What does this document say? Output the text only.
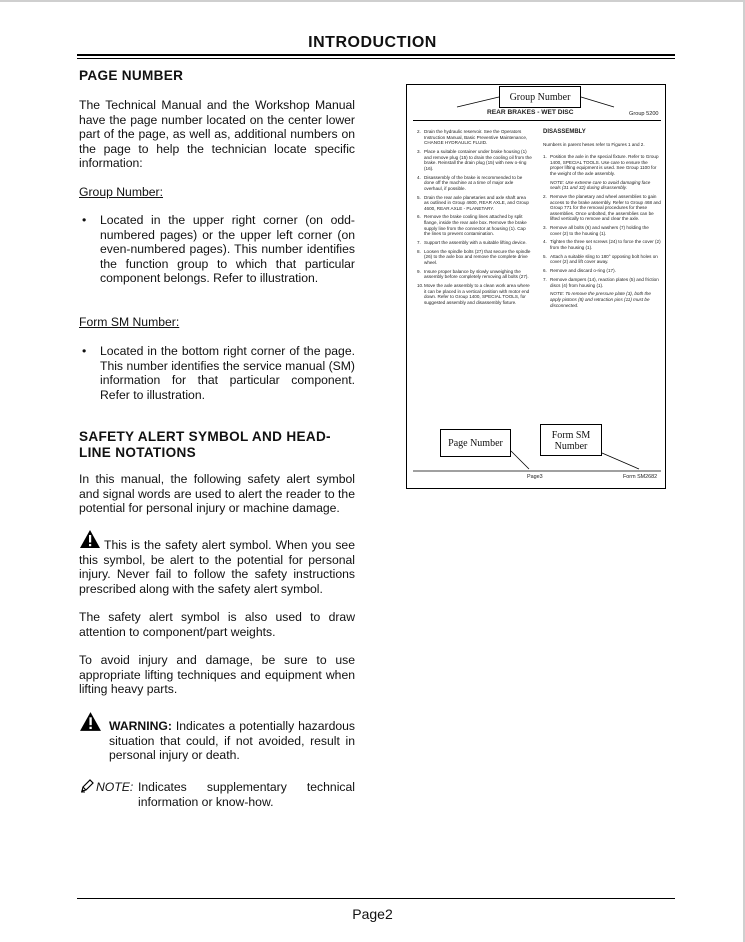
INTRODUCTION
PAGE NUMBER
The Technical Manual and the Workshop Manual have the page number located on the center lower part of the page, as well as, additional numbers on the page to help the technician locate specific information:
Group Number:
• Located in the upper right corner (on odd-numbered pages) or the upper left corner (on even-numbered pages). This number identifies the function group to which that particular component belongs. Refer to illustration.
Form SM Number:
• Located in the bottom right corner of the page. This number identifies the service manual (SM) information for that particular component. Refer to illustration.
SAFETY ALERT SYMBOL AND HEAD-
LINE NOTATIONS
In this manual, the following safety alert symbol and signal words are used to alert the reader to the potential for personal injury or machine damage.
This is the safety alert symbol. When you see this symbol, be alert to the potential for personal injury. Never fail to follow the safety instructions prescribed along with the safety alert symbol.
The safety alert symbol is also used to draw attention to component/part weights.
To avoid injury and damage, be sure to use appropriate lifting techniques and equipment when lifting heavy parts.
WARNING: Indicates a potentially hazardous situation that could, if not avoided, result in personal injury or death.
NOTE: Indicates supplementary technical information or know-how.
REAR BRAKES - WET DISC	Group 5200
2. Drain the hydraulic reservoir. See the Operators Instruction Manual, Basic Preventive Maintenance, CHANGE HYDRAULIC FLUID.
3. Place a suitable container under brake housing (1) and remove plug (15) to drain the cooling oil from the brake. Reinstall the drain plug (15) with new o-ring (16).
4. Disassembly of the brake is recommended to be done off the machine at a time of major axle overhaul, if possible.
5. Drain the rear axle planetaries and axle shaft area as outlined in Group 4600, REAR AXLE, and Group 4600, REAR AXLE - PLANETARY.
6. Remove the brake cooling lines attached by split flange, inside the rear axle box. Remove the brake supply line from the connector at housing (1). Cap the lines to prevent contamination.
7. Support the assembly with a suitable lifting device.
8. Loosen the spindle bolts (27) that secure the spindle (26) to the axle box and remove the complete drive wheel.
9. Insure proper balance by slowly unweighing the assembly before completely removing all bolts (27).
10. Move the axle assembly to a clean work area where it can be placed in a vertical position with motor end down. Refer to Group 1400, SPECIAL TOOLS, for suggested assembly and disassembly fixture.
DISASSEMBLY
Numbers in parent heses refer to Figures 1 and 2.
1. Position the axle in the special fixture. Refer to Group 1400, SPECIAL TOOLS. Use care to ensure the proper lifting equipment is used. See Group 1100 for the weight of the axle assembly.
NOTE: Use extreme care to avoid damaging face seals (31 and 32) during disassembly.
2. Remove the planetary and wheel assemblies to gain access to the brake assembly. Refer to Group 468 and Group 771 for the removal procedures for these assemblies. Once unbolted, the assemblies can be lifted vertically to remove and clear the axle.
3. Remove all bolts (6) and washers (7) holding the cover (2) to the housing (1).
4. Tighten the three set screws (24) to force the cover (2) from the housing (1).
5. Attach a suitable sling to 180° opposing bolt holes on cover (2) and lift cover away.
6. Remove and discard o-ring (17).
7. Remove dampers (14), reaction plates (5) and friction discs (4) from housing (1).
NOTE: To remove the pressure plate (3), both the apply pistons (8) and retraction pins (11) must be disconnected.
Page3	Form SM2682
Group Number
Page Number
Form SM
Number
Page2
